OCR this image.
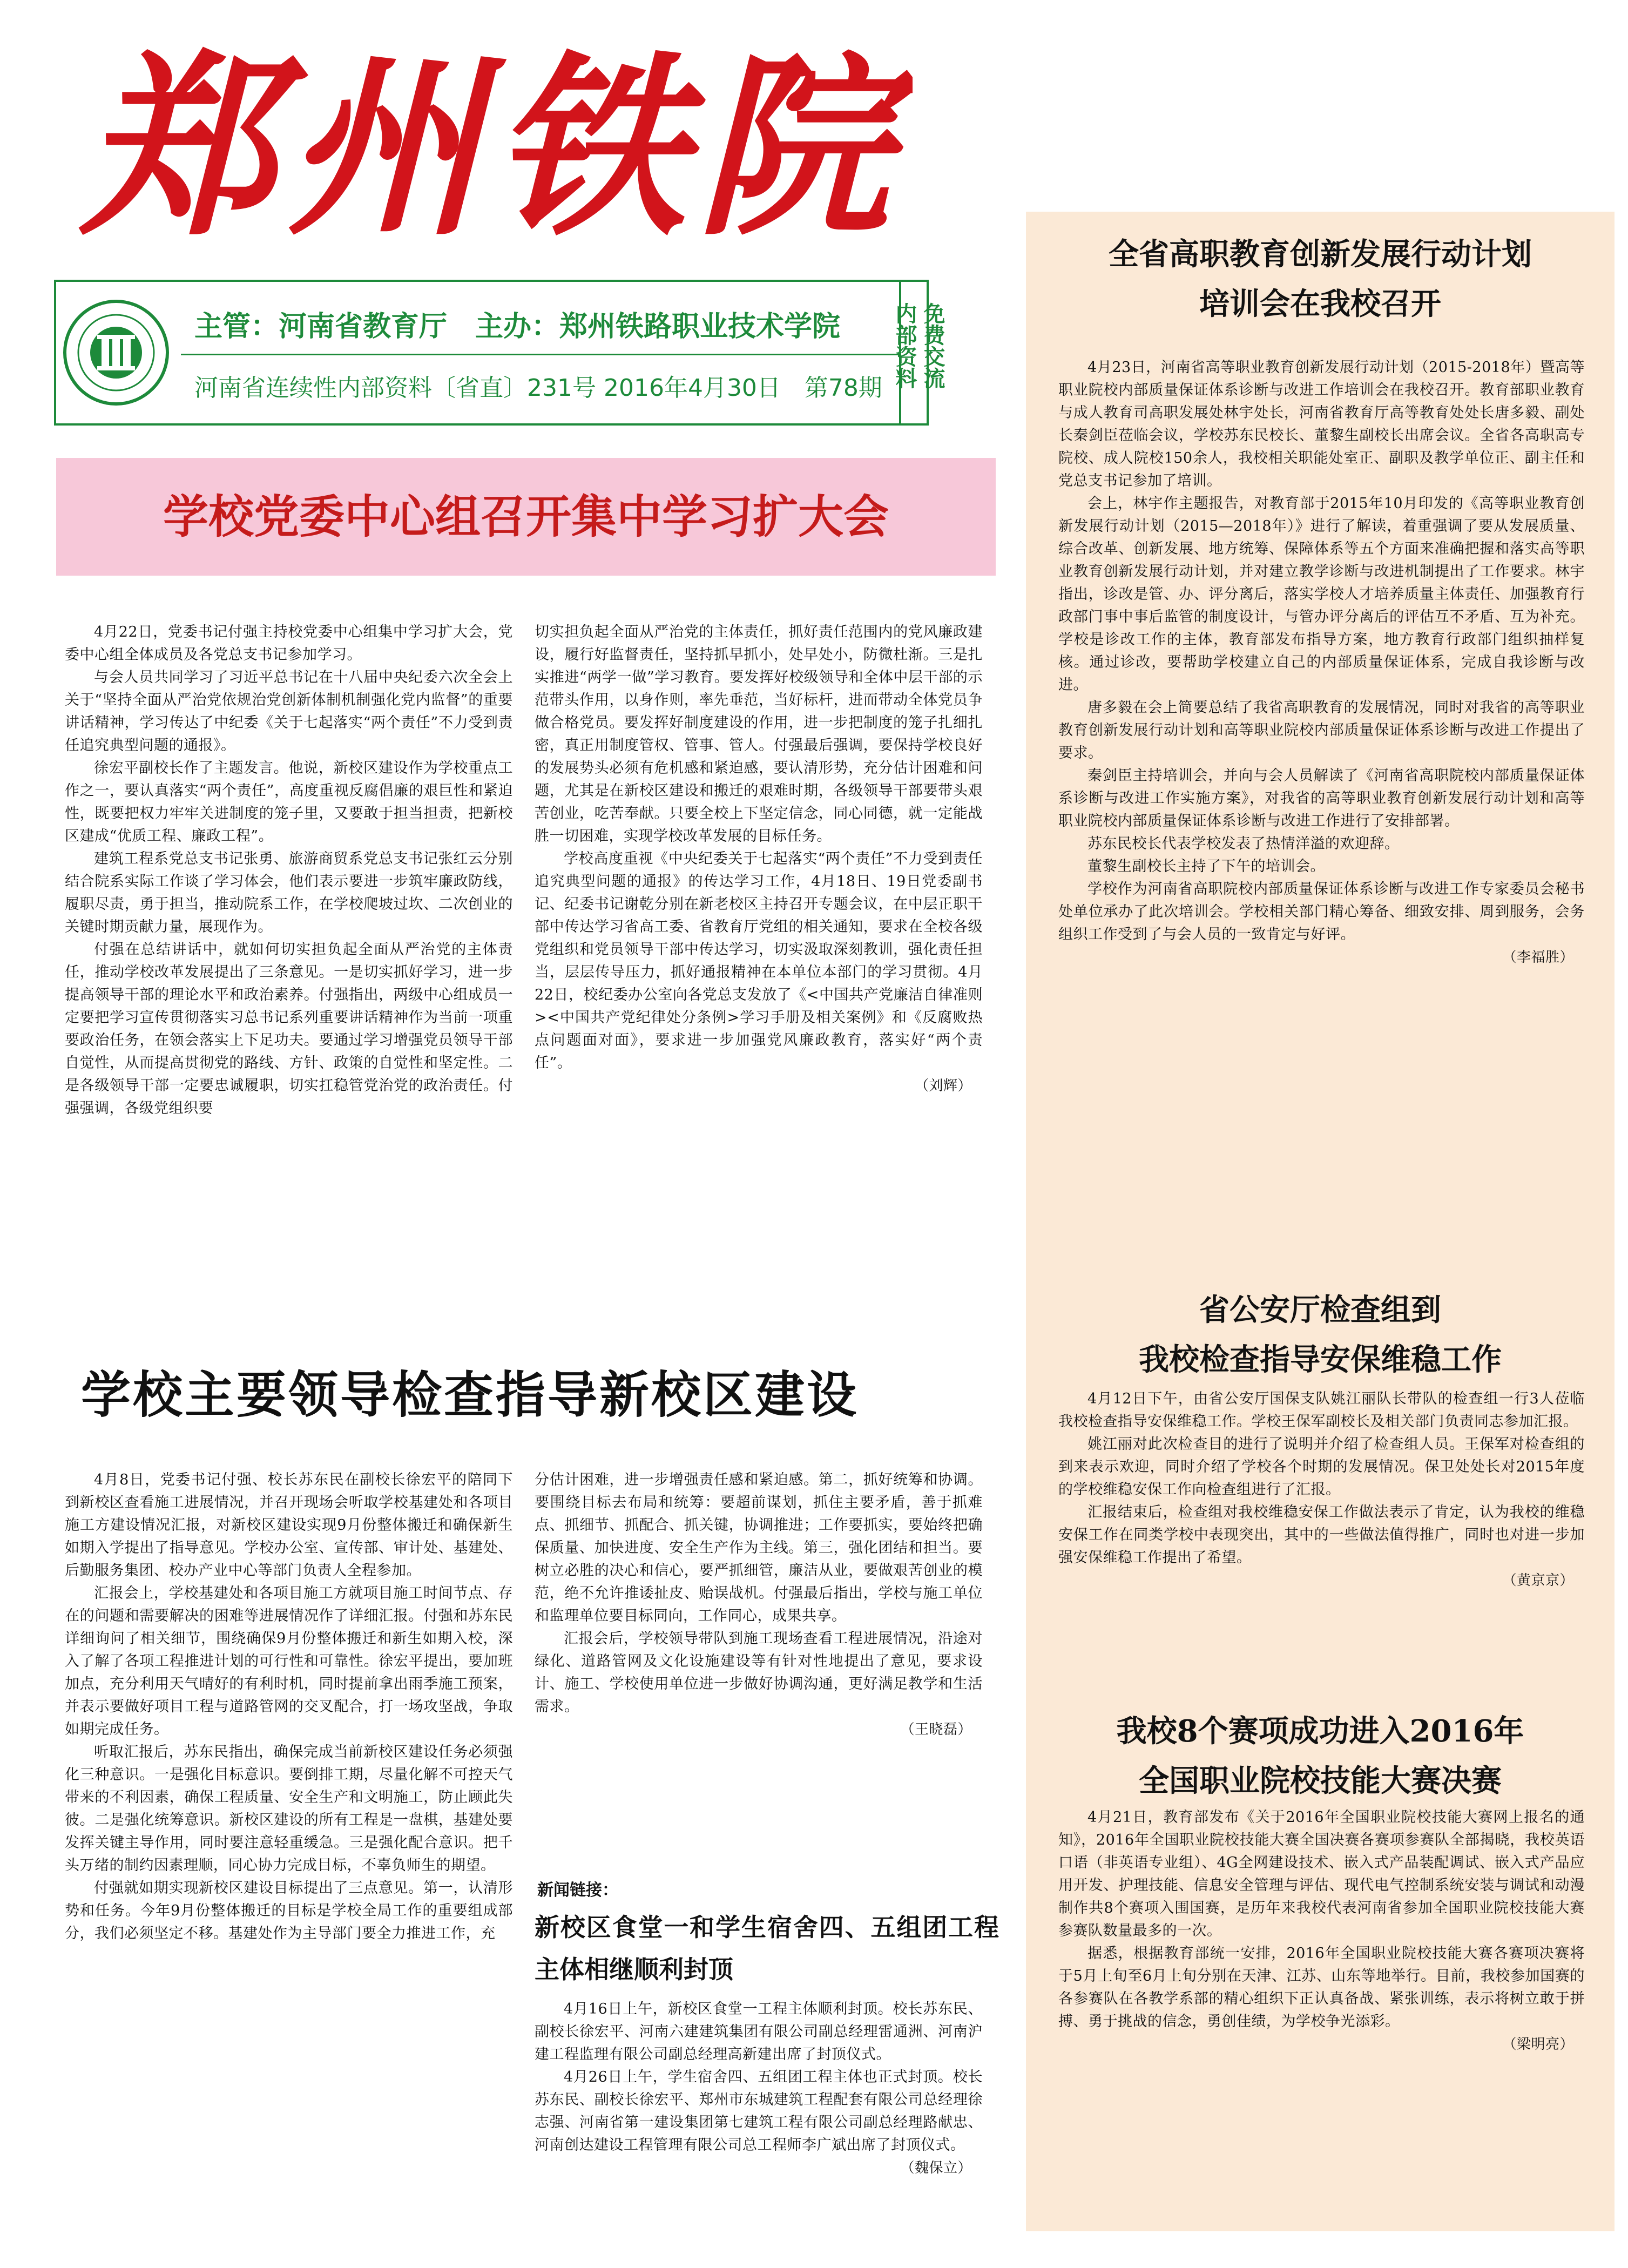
郑州铁院
主管：河南省教育厅　主办：郑州铁路职业技术学院
河南省连续性内部资料〔省直〕231号 2016年4月30日　第78期 内部资料 免费交流
学校党委中心组召开集中学习扩大会

4月22日，党委书记付强主持校党委中心组集中学习扩大会，党委中心组全体成员及各党总支书记参加学习。

与会人员共同学习了习近平总书记在十八届中央纪委六次全会上关于“坚持全面从严治党依规治党创新体制机制强化党内监督”的重要讲话精神，学习传达了中纪委《关于七起落实“两个责任”不力受到责任追究典型问题的通报》。

徐宏平副校长作了主题发言。他说，新校区建设作为学校重点工作之一，要认真落实“两个责任”，高度重视反腐倡廉的艰巨性和紧迫性，既要把权力牢牢关进制度的笼子里，又要敢于担当担责，把新校区建成“优质工程、廉政工程”。

建筑工程系党总支书记张勇、旅游商贸系党总支书记张红云分别结合院系实际工作谈了学习体会，他们表示要进一步筑牢廉政防线，履职尽责，勇于担当，推动院系工作，在学校爬坡过坎、二次创业的关键时期贡献力量，展现作为。

付强在总结讲话中，就如何切实担负起全面从严治党的主体责任，推动学校改革发展提出了三条意见。一是切实抓好学习，进一步提高领导干部的理论水平和政治素养。付强指出，两级中心组成员一定要把学习宣传贯彻落实习总书记系列重要讲话精神作为当前一项重要政治任务，在领会落实上下足功夫。要通过学习增强党员领导干部自觉性，从而提高贯彻党的路线、方针、政策的自觉性和坚定性。二是各级领导干部一定要忠诚履职，切实扛稳管党治党的政治责任。付强强调，各级党组织要

切实担负起全面从严治党的主体责任，抓好责任范围内的党风廉政建设，履行好监督责任，坚持抓早抓小，处早处小，防微杜渐。三是扎实推进“两学一做”学习教育。要发挥好校级领导和全体中层干部的示范带头作用，以身作则，率先垂范，当好标杆，进而带动全体党员争做合格党员。要发挥好制度建设的作用，进一步把制度的笼子扎细扎密，真正用制度管权、管事、管人。付强最后强调，要保持学校良好的发展势头必须有危机感和紧迫感，要认清形势，充分估计困难和问题，尤其是在新校区建设和搬迁的艰难时期，各级领导干部要带头艰苦创业，吃苦奉献。只要全校上下坚定信念，同心同德，就一定能战胜一切困难，实现学校改革发展的目标任务。

学校高度重视《中央纪委关于七起落实“两个责任”不力受到责任追究典型问题的通报》的传达学习工作，4月18日、19日党委副书记、纪委书记谢乾分别在新老校区主持召开专题会议，在中层正职干部中传达学习省高工委、省教育厅党组的相关通知，要求在全校各级党组织和党员领导干部中传达学习，切实汲取深刻教训，强化责任担当，层层传导压力，抓好通报精神在本单位本部门的学习贯彻。4月22日，校纪委办公室向各党总支发放了《<中国共产党廉洁自律准则><中国共产党纪律处分条例>学习手册及相关案例》和《反腐败热点问题面对面》，要求进一步加强党风廉政教育，落实好“两个责任”。

（刘辉）

学校主要领导检查指导新校区建设

4月8日，党委书记付强、校长苏东民在副校长徐宏平的陪同下到新校区查看施工进展情况，并召开现场会听取学校基建处和各项目施工方建设情况汇报，对新校区建设实现9月份整体搬迁和确保新生如期入学提出了指导意见。学校办公室、宣传部、审计处、基建处、后勤服务集团、校办产业中心等部门负责人全程参加。

汇报会上，学校基建处和各项目施工方就项目施工时间节点、存在的问题和需要解决的困难等进展情况作了详细汇报。付强和苏东民详细询问了相关细节，围绕确保9月份整体搬迁和新生如期入校，深入了解了各项工程推进计划的可行性和可靠性。徐宏平提出，要加班加点，充分利用天气晴好的有利时机，同时提前拿出雨季施工预案，并表示要做好项目工程与道路管网的交叉配合，打一场攻坚战，争取如期完成任务。

听取汇报后，苏东民指出，确保完成当前新校区建设任务必须强化三种意识。一是强化目标意识。要倒排工期，尽量化解不可控天气带来的不利因素，确保工程质量、安全生产和文明施工，防止顾此失彼。二是强化统筹意识。新校区建设的所有工程是一盘棋，基建处要发挥关键主导作用，同时要注意轻重缓急。三是强化配合意识。把千头万绪的制约因素理顺，同心协力完成目标，不辜负师生的期望。

付强就如期实现新校区建设目标提出了三点意见。第一，认清形势和任务。今年9月份整体搬迁的目标是学校全局工作的重要组成部分，我们必须坚定不移。基建处作为主导部门要全力推进工作，充

分估计困难，进一步增强责任感和紧迫感。第二，抓好统筹和协调。要围绕目标去布局和统筹：要超前谋划，抓住主要矛盾，善于抓难点、抓细节、抓配合、抓关键，协调推进；工作要抓实，要始终把确保质量、加快进度、安全生产作为主线。第三，强化团结和担当。要树立必胜的决心和信心，要严抓细管，廉洁从业，要做艰苦创业的模范，绝不允许推诿扯皮、贻误战机。付强最后指出，学校与施工单位和监理单位要目标同向，工作同心，成果共享。

汇报会后，学校领导带队到施工现场查看工程进展情况，沿途对绿化、道路管网及文化设施建设等有针对性地提出了意见，要求设计、施工、学校使用单位进一步做好协调沟通，更好满足教学和生活需求。

（王晓磊）

新闻链接：
新校区食堂一和学生宿舍四、五组团工程主体相继顺利封顶

4月16日上午，新校区食堂一工程主体顺利封顶。校长苏东民、副校长徐宏平、河南六建建筑集团有限公司副总经理雷通洲、河南沪建工程监理有限公司副总经理高新建出席了封顶仪式。

4月26日上午，学生宿舍四、五组团工程主体也正式封顶。校长苏东民、副校长徐宏平、郑州市东城建筑工程配套有限公司总经理徐志强、河南省第一建设集团第七建筑工程有限公司副总经理路献忠、河南创达建设工程管理有限公司总工程师李广斌出席了封顶仪式。

（魏保立）

全省高职教育创新发展行动计划
培训会在我校召开

4月23日，河南省高等职业教育创新发展行动计划（2015-2018年）暨高等职业院校内部质量保证体系诊断与改进工作培训会在我校召开。教育部职业教育与成人教育司高职发展处林宇处长，河南省教育厅高等教育处处长唐多毅、副处长秦剑臣莅临会议，学校苏东民校长、董黎生副校长出席会议。全省各高职高专院校、成人院校150余人，我校相关职能处室正、副职及教学单位正、副主任和党总支书记参加了培训。

会上，林宇作主题报告，对教育部于2015年10月印发的《高等职业教育创新发展行动计划（2015—2018年）》进行了解读，着重强调了要从发展质量、综合改革、创新发展、地方统筹、保障体系等五个方面来准确把握和落实高等职业教育创新发展行动计划，并对建立教学诊断与改进机制提出了工作要求。林宇指出，诊改是管、办、评分离后，落实学校人才培养质量主体责任、加强教育行政部门事中事后监管的制度设计，与管办评分离后的评估互不矛盾、互为补充。学校是诊改工作的主体，教育部发布指导方案，地方教育行政部门组织抽样复核。通过诊改，要帮助学校建立自己的内部质量保证体系，完成自我诊断与改进。

唐多毅在会上简要总结了我省高职教育的发展情况，同时对我省的高等职业教育创新发展行动计划和高等职业院校内部质量保证体系诊断与改进工作提出了要求。

秦剑臣主持培训会，并向与会人员解读了《河南省高职院校内部质量保证体系诊断与改进工作实施方案》，对我省的高等职业教育创新发展行动计划和高等职业院校内部质量保证体系诊断与改进工作进行了安排部署。

苏东民校长代表学校发表了热情洋溢的欢迎辞。

董黎生副校长主持了下午的培训会。

学校作为河南省高职院校内部质量保证体系诊断与改进工作专家委员会秘书处单位承办了此次培训会。学校相关部门精心筹备、细致安排、周到服务，会务组织工作受到了与会人员的一致肯定与好评。

（李福胜）

省公安厅检查组到
我校检查指导安保维稳工作

4月12日下午，由省公安厅国保支队姚江丽队长带队的检查组一行3人莅临我校检查指导安保维稳工作。学校王保军副校长及相关部门负责同志参加汇报。

姚江丽对此次检查目的进行了说明并介绍了检查组人员。王保军对检查组的到来表示欢迎，同时介绍了学校各个时期的发展情况。保卫处处长对2015年度的学校维稳安保工作向检查组进行了汇报。

汇报结束后，检查组对我校维稳安保工作做法表示了肯定，认为我校的维稳安保工作在同类学校中表现突出，其中的一些做法值得推广，同时也对进一步加强安保维稳工作提出了希望。

（黄京京）

我校8个赛项成功进入2016年
全国职业院校技能大赛决赛

4月21日，教育部发布《关于2016年全国职业院校技能大赛网上报名的通知》，2016年全国职业院校技能大赛全国决赛各赛项参赛队全部揭晓，我校英语口语（非英语专业组）、4G全网建设技术、嵌入式产品装配调试、嵌入式产品应用开发、护理技能、信息安全管理与评估、现代电气控制系统安装与调试和动漫制作共8个赛项入围国赛，是历年来我校代表河南省参加全国职业院校技能大赛参赛队数量最多的一次。

据悉，根据教育部统一安排，2016年全国职业院校技能大赛各赛项决赛将于5月上旬至6月上旬分别在天津、江苏、山东等地举行。目前，我校参加国赛的各参赛队在各教学系部的精心组织下正认真备战、紧张训练，表示将树立敢于拼搏、勇于挑战的信念，勇创佳绩，为学校争光添彩。

（梁明亮）
